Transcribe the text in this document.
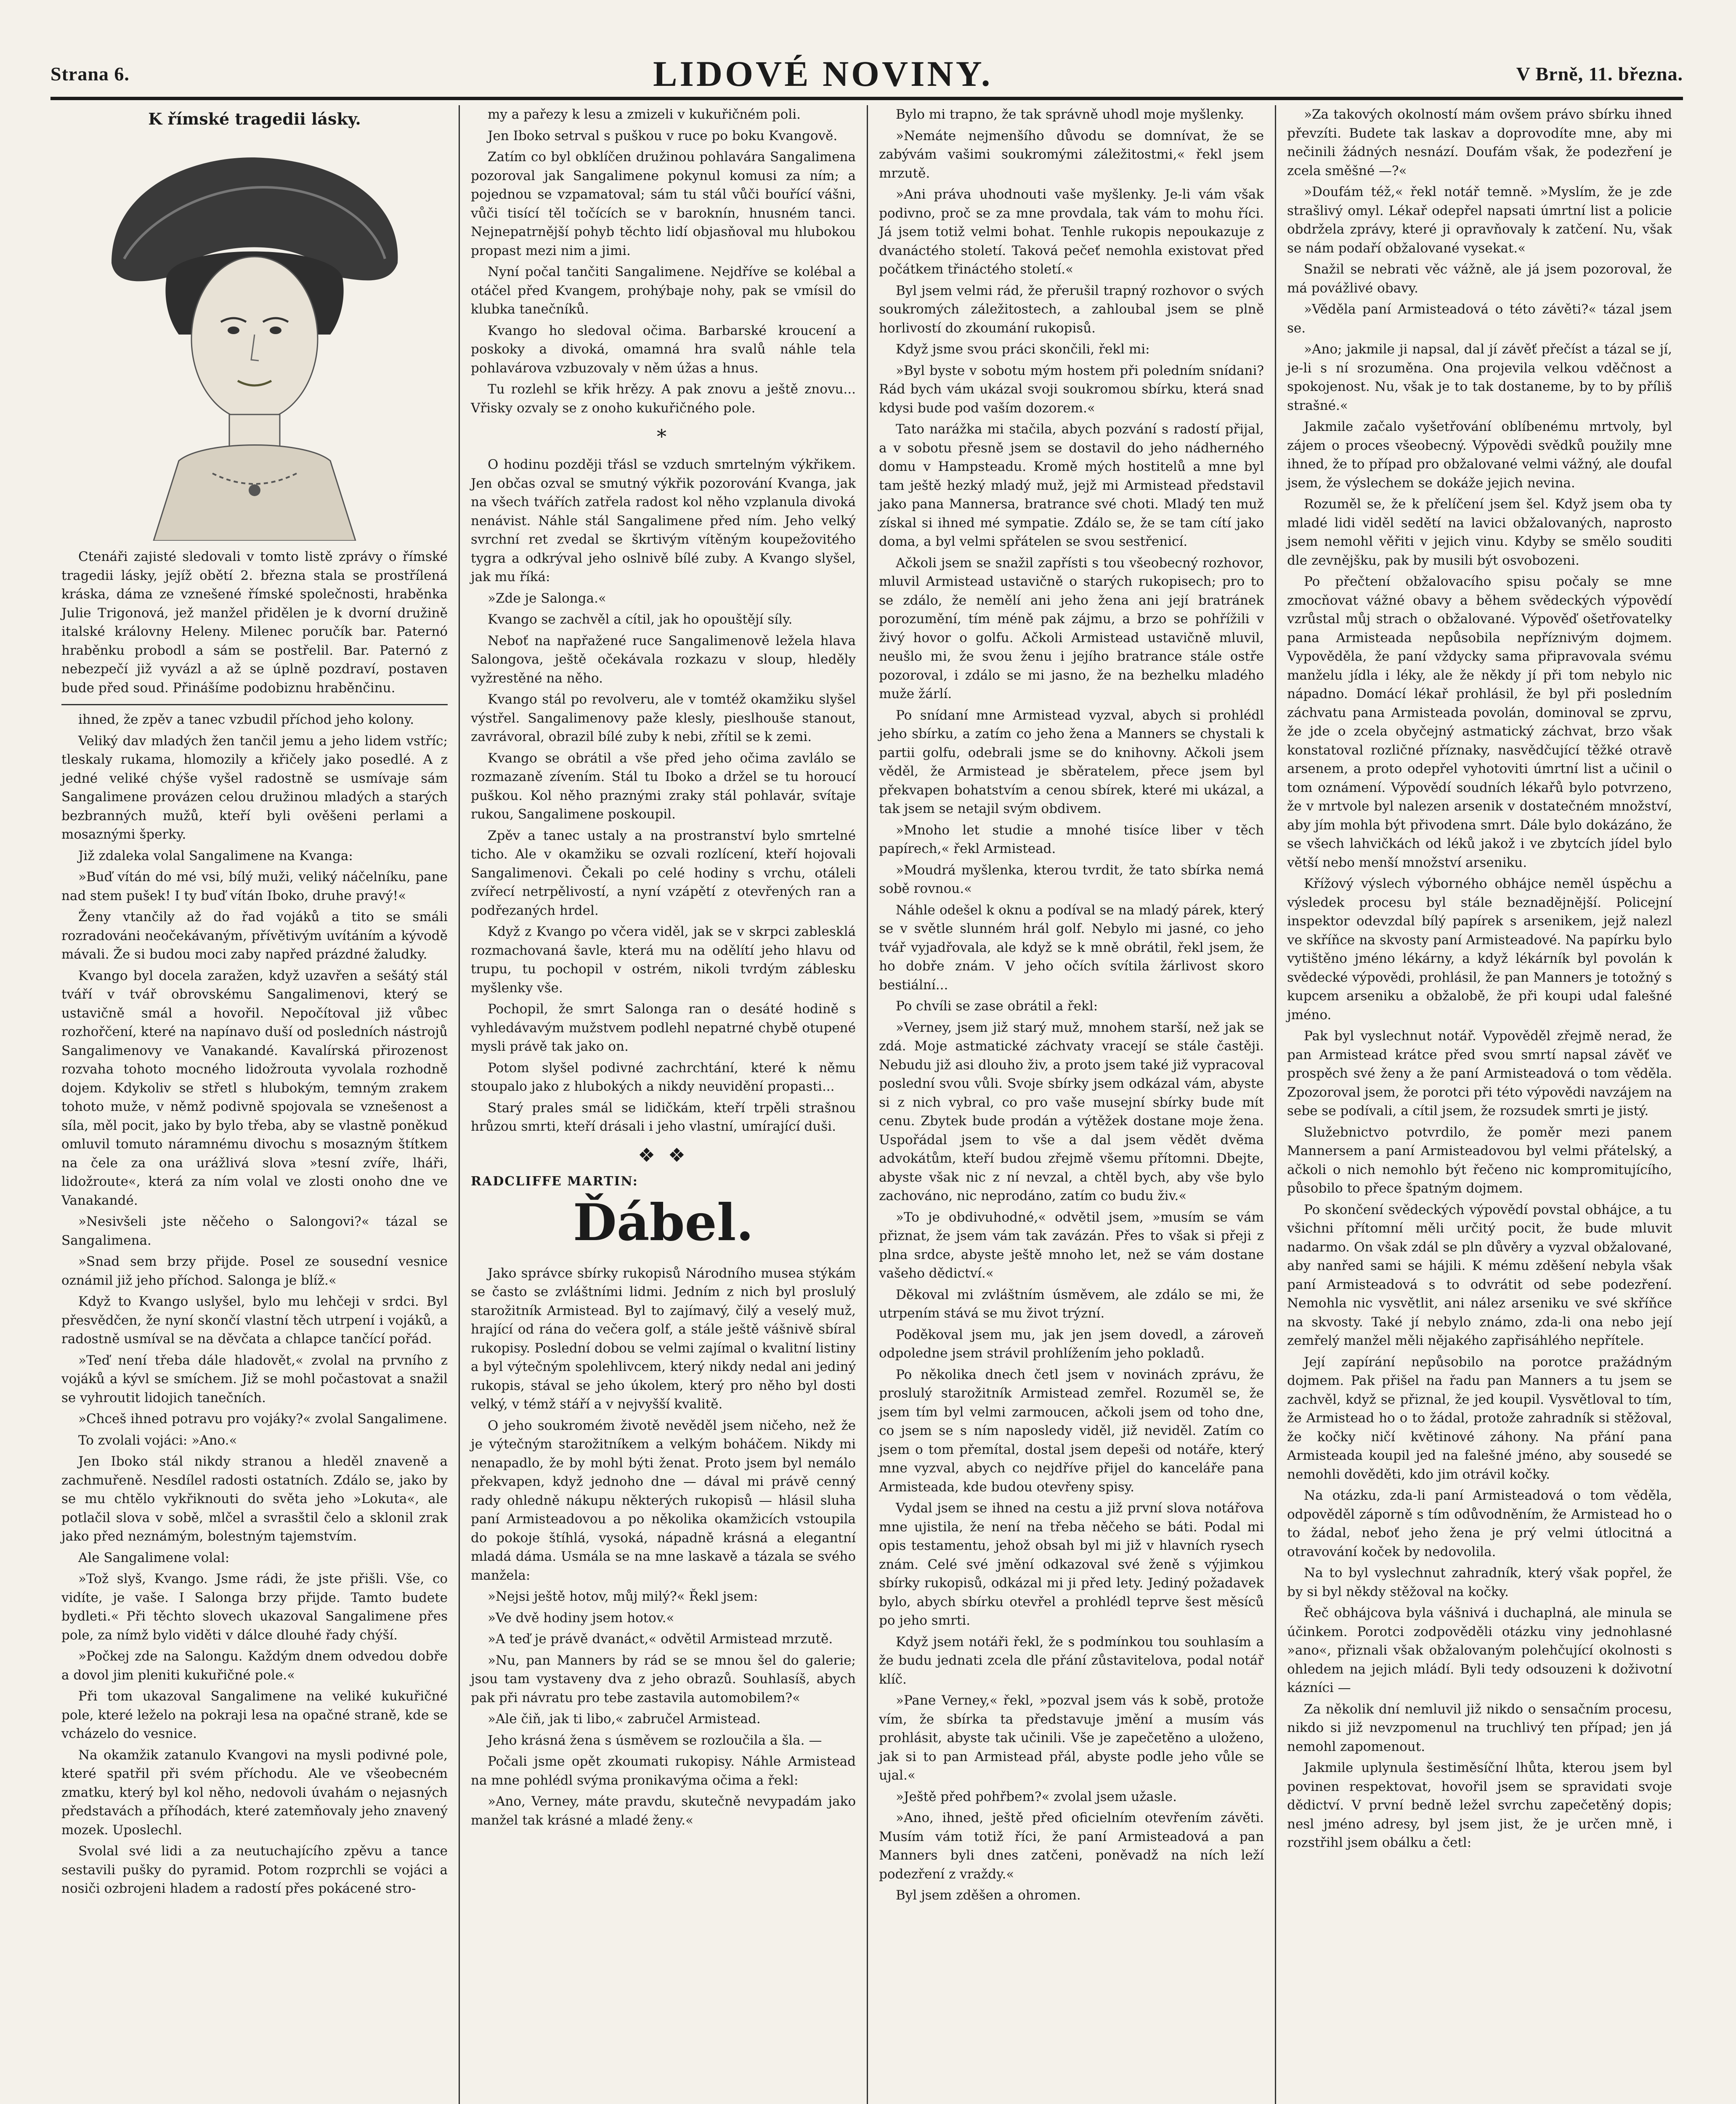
Strana 6.	LIDOVÉ NOVINY.	V Brně, 11. března.
K římské tragedii lásky.

Ctenáři zajisté sledovali v tomto listě zprávy o římské tragedii lásky, jejíž obětí 2. března stala se prostřílená kráska, dáma ze vznešené římské společnosti, hraběnka Julie Trigonová, jež manžel přidělen je k dvorní družině italské královny Heleny. Milenec poručík bar. Paternó hraběnku probodl a sám se postřelil. Bar. Paternó z nebezpečí již vyvázl a až se úplně pozdraví, postaven bude před soud. Přinášíme podobiznu hraběnčinu.

ihned, že zpěv a tanec vzbudil příchod jeho kolony.

Veliký dav mladých žen tančil jemu a jeho lidem vstříc; tleskaly rukama, hlomozily a křičely jako posedlé. A z jedné veliké chýše vyšel radostně se usmívaje sám Sangalimene provázen celou družinou mladých a starých bezbranných mužů, kteří byli ověšeni perlami a mosaznými šperky.

Již zdaleka volal Sangalimene na Kvanga:

»Buď vítán do mé vsi, bílý muži, veliký náčelníku, pane nad stem pušek! I ty buď vítán Iboko, druhe pravý!«

Ženy vtančily až do řad vojáků a tito se smáli rozradováni neočekávaným, přívětivým uvítáním a kývodě mávali. Že si budou moci zaby napřed prázdné žaludky.

Kvango byl docela zaražen, když uzavřen a sešátý stál tváří v tvář obrovskému Sangalimenovi, který se ustavičně smál a hovořil. Nepočítoval již vůbec rozhořčení, které na napínavo duší od posledních nástrojů Sangalimenovy ve Vanakandé. Kavalírská přirozenost rozvaha tohoto mocného lidožrouta vyvolala rozhodně dojem. Kdykoliv se střetl s hlubokým, temným zrakem tohoto muže, v němž podivně spojovala se vznešenost a síla, měl pocit, jako by bylo třeba, aby se vlastně poněkud omluvil tomuto náramnému divochu s mosazným štítkem na čele za ona urážlivá slova »tesní zvíře, lháři, lidožroute«, která za ním volal ve zlosti onoho dne ve Vanakandé.

»Nesivšeli jste něčeho o Salongovi?« tázal se Sangalimena.

»Snad sem brzy přijde. Posel ze sousední vesnice oznámil již jeho příchod. Salonga je blíž.«

Když to Kvango uslyšel, bylo mu lehčeji v srdci. Byl přesvědčen, že nyní skončí vlastní těch utrpení i vojáků, a radostně usmíval se na děvčata a chlapce tančící pořád.

»Teď není třeba dále hladovět,« zvolal na prvního z vojáků a kývl se smíchem. Již se mohl počastovat a snažil se vyhroutit lidojich tanečních.

»Chceš ihned potravu pro vojáky?« zvolal Sangalimene.

To zvolali vojáci: »Ano.«

Jen Iboko stál nikdy stranou a hleděl znaveně a zachmuřeně. Nesdílel radosti ostatních. Zdálo se, jako by se mu chtělo vykřiknouti do světa jeho »Lokuta«, ale potlačil slova v sobě, mlčel a svrasštil čelo a sklonil zrak jako před neznámým, bolestným tajemstvím.

Ale Sangalimene volal:

»Tož slyš, Kvango. Jsme rádi, že jste přišli. Vše, co vidíte, je vaše. I Salonga brzy přijde. Tamto budete bydleti.« Při těchto slovech ukazoval Sangalimene přes pole, za nímž bylo viděti v dálce dlouhé řady chýší.

»Počkej zde na Salongu. Každým dnem odvedou dobře a dovol jim pleniti kukuřičné pole.«

Při tom ukazoval Sangalimene na veliké kukuřičné pole, které leželo na pokraji lesa na opačné straně, kde se vcházelo do vesnice.

Na okamžik zatanulo Kvangovi na mysli podivné pole, které spatřil při svém příchodu. Ale ve všeobecném zmatku, který byl kol něho, nedovoli úvahám o nejasných představách a příhodách, které zatemňovaly jeho znavený mozek. Uposlechl.

Svolal své lidi a za neutuchajícího zpěvu a tance sestavili pušky do pyramid. Potom rozprchli se vojáci a nosiči ozbrojeni hladem a radostí přes pokácené stro-

my a pařezy k lesu a zmizeli v kukuřičném poli.

Jen Iboko setrval s puškou v ruce po boku Kvangově.

Zatím co byl obklíčen družinou pohlavára Sangalimena pozoroval jak Sangalimene pokynul komusi za ním; a pojednou se vzpamatoval; sám tu stál vůči bouřící vášni, vůči tisící těl točících se v baroknín, hnusném tanci. Nejnepatrnější pohyb těchto lidí objasňoval mu hlubokou propast mezi nim a jimi.

Nyní počal tančiti Sangalimene. Nejdříve se kolébal a otáčel před Kvangem, prohýbaje nohy, pak se vmísil do klubka tanečníků.

Kvango ho sledoval očima. Barbarské kroucení a poskoky a divoká, omamná hra svalů náhle tela pohlavárova vzbuzovaly v něm úžas a hnus.

Tu rozlehl se křik hrězy. A pak znovu a ještě znovu... Vřisky ozvaly se z onoho kukuřičného pole.

*

O hodinu později třásl se vzduch smrtelným výkřikem. Jen občas ozval se smutný výkřik pozorování Kvanga, jak na všech tvářích zatřela radost kol něho vzplanula divoká nenávist. Náhle stál Sangalimene před ním. Jeho velký svrchní ret zvedal se škrtivým vítěným koupežovitého tygra a odkrýval jeho oslnivě bílé zuby. A Kvango slyšel, jak mu říká:

»Zde je Salonga.«

Kvango se zachvěl a cítil, jak ho opouštějí síly.

Neboť na napřažené ruce Sangalimenově ležela hlava Salongova, ještě očekávala rozkazu v sloup, hleděly vyžrestěné na něho.

Kvango stál po revolveru, ale v tomtéž okamžiku slyšel výstřel. Sangalimenovy paže klesly, pieslhouše stanout, zavrávoral, obrazil bílé zuby k nebi, zřítil se k zemi.

Kvango se obrátil a vše před jeho očima zavlálo se rozmazaně zívením. Stál tu Iboko a držel se tu horoucí puškou. Kol něho praznými zraky stál pohlavár, svítaje rukou, Sangalimene poskoupil.

Zpěv a tanec ustaly a na prostranství bylo smrtelné ticho. Ale v okamžiku se ozvali rozlícení, kteří hojovali Sangalimenovi. Čekali po celé hodiny s vrchu, otáleli zvířecí netrpělivostí, a nyní vzápětí z otevřených ran a podřezaných hrdel.

Když z Kvango po včera viděl, jak se v skrpci zablesklá rozmachovaná šavle, která mu na odělítí jeho hlavu od trupu, tu pochopil v ostrém, nikoli tvrdým záblesku myšlenky vše.

Pochopil, že smrt Salonga ran o desáté hodině s vyhledávavým mužstvem podlehl nepatrné chybě otupené mysli právě tak jako on.

Potom slyšel podivné zachrchtání, které k němu stoupalo jako z hlubokých a nikdy neuvidění propasti...

Starý prales smál se lidičkám, kteří trpěli strašnou hrůzou smrti, kteří drásali i jeho vlastní, umírající duši.

❖ ❖
RADCLIFFE MARTIN:
Ďábel.

Jako správce sbírky rukopisů Národního musea stýkám se často se zvláštními lidmi. Jedním z nich byl proslulý starožitník Armistead. Byl to zajímavý, čilý a veselý muž, hrající od rána do večera golf, a stále ještě vášnivě sbíral rukopisy. Poslední dobou se velmi zajímal o kvalitní listiny a byl výtečným spolehlivcem, který nikdy nedal ani jediný rukopis, stával se jeho úkolem, který pro něho byl dosti velký, v témž stáří a v nejvyšší kvalitě.

O jeho soukromém životě nevěděl jsem ničeho, než že je výtečným starožitníkem a velkým boháčem. Nikdy mi nenapadlo, že by mohl býti ženat. Proto jsem byl nemálo překvapen, když jednoho dne — dával mi právě cenný rady ohledně nákupu některých rukopisů — hlásil sluha paní Armisteadovou a po několika okamžicích vstoupila do pokoje štíhlá, vysoká, nápadně krásná a elegantní mladá dáma. Usmála se na mne laskavě a tázala se svého manžela:

»Nejsi ještě hotov, můj milý?« Řekl jsem:

»Ve dvě hodiny jsem hotov.«

»A teď je právě dvanáct,« odvětil Armistead mrzutě.

»Nu, pan Manners by rád se se mnou šel do galerie; jsou tam vystaveny dva z jeho obrazů. Souhlasíš, abych pak při návratu pro tebe zastavila automobilem?«

»Ale čiň, jak ti libo,« zabručel Armistead.

Jeho krásná žena s úsměvem se rozloučila a šla. —

Počali jsme opět zkoumati rukopisy. Náhle Armistead na mne pohlédl svýma pronikavýma očima a řekl:

»Ano, Verney, máte pravdu, skutečně nevypadám jako manžel tak krásné a mladé ženy.«

Bylo mi trapno, že tak správně uhodl moje myšlenky.

»Nemáte nejmenšího důvodu se domnívat, že se zabývám vašimi soukromými záležitostmi,« řekl jsem mrzutě.

»Ani práva uhodnouti vaše myšlenky. Je-li vám však podivno, proč se za mne provdala, tak vám to mohu říci. Já jsem totiž velmi bohat. Tenhle rukopis nepoukazuje z dvanáctého století. Taková pečeť nemohla existovat před počátkem třináctého století.«

Byl jsem velmi rád, že přerušil trapný rozhovor o svých soukromých záležitostech, a zahloubal jsem se plně horlivostí do zkoumání rukopisů.

Když jsme svou práci skončili, řekl mi:

»Byl byste v sobotu mým hostem při poledním snídani? Rád bych vám ukázal svoji soukromou sbírku, která snad kdysi bude pod vaším dozorem.«

Tato narážka mi stačila, abych pozvání s radostí přijal, a v sobotu přesně jsem se dostavil do jeho nádherného domu v Hampsteadu. Kromě mých hostitelů a mne byl tam ještě hezký mladý muž, jejž mi Armistead představil jako pana Mannersa, bratrance své choti. Mladý ten muž získal si ihned mé sympatie. Zdálo se, že se tam cítí jako doma, a byl velmi spřátelen se svou sestřenicí.

Ačkoli jsem se snažil zapřísti s tou všeobecný rozhovor, mluvil Armistead ustavičně o starých rukopisech; pro to se zdálo, že nemělí ani jeho žena ani její bratránek porozumění, tím méně pak zájmu, a brzo se pohřížili v živý hovor o golfu. Ačkoli Armistead ustavičně mluvil, neušlo mi, že svou ženu i jejího bratrance stále ostře pozoroval, i zdálo se mi jasno, že na bezhelku mladého muže žárlí.

Po snídaní mne Armistead vyzval, abych si prohlédl jeho sbírku, a zatím co jeho žena a Manners se chystali k partii golfu, odebrali jsme se do knihovny. Ačkoli jsem věděl, že Armistead je sběratelem, přece jsem byl překvapen bohatstvím a cenou sbírek, které mi ukázal, a tak jsem se netajil svým obdivem.

»Mnoho let studie a mnohé tisíce liber v těch papírech,« řekl Armistead.

»Moudrá myšlenka, kterou tvrdit, že tato sbírka nemá sobě rovnou.«

Náhle odešel k oknu a podíval se na mladý párek, který se v světle slunném hrál golf. Nebylo mi jasné, co jeho tvář vyjadřovala, ale když se k mně obrátil, řekl jsem, že ho dobře znám. V jeho očích svítila žárlivost skoro bestiální...

Po chvíli se zase obrátil a řekl:

»Verney, jsem již starý muž, mnohem starší, než jak se zdá. Moje astmatické záchvaty vracejí se stále častěji. Nebudu již asi dlouho živ, a proto jsem také již vypracoval poslední svou vůli. Svoje sbírky jsem odkázal vám, abyste si z nich vybral, co pro vaše musejní sbírky bude mít cenu. Zbytek bude prodán a výtěžek dostane moje žena. Uspořádal jsem to vše a dal jsem vědět dvěma advokátům, kteří budou zřejmě všemu přítomni. Dbejte, abyste však nic z ní nevzal, a chtěl bych, aby vše bylo zachováno, nic neprodáno, zatím co budu živ.«

»To je obdivuhodné,« odvětil jsem, »musím se vám přiznat, že jsem vám tak zavázán. Přes to však si přeji z plna srdce, abyste ještě mnoho let, než se vám dostane vašeho dědictví.«

Děkoval mi zvláštním úsměvem, ale zdálo se mi, že utrpením stává se mu život trýzní.

Poděkoval jsem mu, jak jen jsem dovedl, a zároveň odpoledne jsem strávil prohlížením jeho pokladů.

Po několika dnech četl jsem v novinách zprávu, že proslulý starožitník Armistead zemřel. Rozuměl se, že jsem tím byl velmi zarmoucen, ačkoli jsem od toho dne, co jsem se s ním naposledy viděl, již neviděl. Zatím co jsem o tom přemítal, dostal jsem depeši od notáře, který mne vyzval, abych co nejdříve přijel do kanceláře pana Armisteada, kde budou otevřeny spisy.

Vydal jsem se ihned na cestu a již první slova notářova mne ujistila, že není na třeba něčeho se báti. Podal mi opis testamentu, jehož obsah byl mi již v hlavních rysech znám. Celé své jmění odkazoval své ženě s výjimkou sbírky rukopisů, odkázal mi ji před lety. Jediný požadavek bylo, abych sbírku otevřel a prohlédl teprve šest měsíců po jeho smrti.

Když jsem notáři řekl, že s podmínkou tou souhlasím a že budu jednati zcela dle přání zůstavitelova, podal notář klíč.

»Pane Verney,« řekl, »pozval jsem vás k sobě, protože vím, že sbírka ta představuje jmění a musím vás prohlásit, abyste tak učinili. Vše je zapečetěno a uloženo, jak si to pan Armistead přál, abyste podle jeho vůle se ujal.«

»Ještě před pohřbem?« zvolal jsem užasle.

»Ano, ihned, ještě před oficielním otevřením závěti. Musím vám totiž říci, že paní Armisteadová a pan Manners byli dnes zatčeni, poněvadž na ních leží podezření z vraždy.«

Byl jsem zděšen a ohromen.

»Za takových okolností mám ovšem právo sbírku ihned převzíti. Budete tak laskav a doprovodíte mne, aby mi nečinili žádných nesnází. Doufám však, že podezření je zcela směšné —?«

»Doufám též,« řekl notář temně. »Myslím, že je zde strašlivý omyl. Lékař odepřel napsati úmrtní list a policie obdržela zprávy, které ji opravňovaly k zatčení. Nu, však se nám podaří obžalované vysekat.«

Snažil se nebrati věc vážně, ale já jsem pozoroval, že má povážlivé obavy.

»Věděla paní Armisteadová o této závěti?« tázal jsem se.

»Ano; jakmile ji napsal, dal jí závěť přečíst a tázal se jí, je-li s ní srozuměna. Ona projevila velkou vděčnost a spokojenost. Nu, však je to tak dostaneme, by to by příliš strašné.«

Jakmile začalo vyšetřování oblíbenému mrtvoly, byl zájem o proces všeobecný. Výpovědi svědků použily mne ihned, že to případ pro obžalované velmi vážný, ale doufal jsem, že výslechem se dokáže jejich nevina.

Rozuměl se, že k přelíčení jsem šel. Když jsem oba ty mladé lidi viděl sedětí na lavici obžalovaných, naprosto jsem nemohl věřiti v jejich vinu. Kdyby se smělo souditi dle zevnějšku, pak by musili být osvobozeni.

Po přečtení obžalovacího spisu počaly se mne zmocňovat vážné obavy a během svědeckých výpovědí vzrůstal můj strach o obžalované. Výpověď ošetřovatelky pana Armisteada nepůsobila nepříznivým dojmem. Vypověděla, že paní vždycky sama připravovala svému manželu jídla i léky, ale že někdy jí při tom nebylo nic nápadno. Domácí lékař prohlásil, že byl při posledním záchvatu pana Armisteada povolán, dominoval se zprvu, že jde o zcela obyčejný astmatický záchvat, brzo však konstatoval rozličné příznaky, nasvědčující těžké otravě arsenem, a proto odepřel vyhotoviti úmrtní list a učinil o tom oznámení. Výpovědí soudních lékařů bylo potvrzeno, že v mrtvole byl nalezen arsenik v dostatečném množství, aby jím mohla být přivodena smrt. Dále bylo dokázáno, že se všech lahvičkách od léků jakož i ve zbytcích jídel bylo větší nebo menší množství arseniku.

Křížový výslech výborného obhájce neměl úspěchu a výsledek procesu byl stále beznadějnější. Policejní inspektor odevzdal bílý papírek s arsenikem, jejž nalezl ve skříňce na skvosty paní Armisteadové. Na papírku bylo vytištěno jméno lékárny, a když lékárník byl povolán k svědecké výpovědi, prohlásil, že pan Manners je totožný s kupcem arseniku a obžalobě, že při koupi udal falešné jméno.

Pak byl vyslechnut notář. Vypověděl zřejmě nerad, že pan Armistead krátce před svou smrtí napsal závěť ve prospěch své ženy a že paní Armisteadová o tom věděla. Zpozoroval jsem, že porotci při této výpovědi navzájem na sebe se podívali, a cítil jsem, že rozsudek smrti je jistý.

Služebnictvo potvrdilo, že poměr mezi panem Mannersem a paní Armisteadovou byl velmi přátelský, a ačkoli o nich nemohlo být řečeno nic kompromitujícího, působilo to přece špatným dojmem.

Po skončení svědeckých výpovědí povstal obhájce, a tu všichni přítomní měli určitý pocit, že bude mluvit nadarmo. On však zdál se pln důvěry a vyzval obžalované, aby nanřed sami se hájili. K mému zděšení nebyla však paní Armisteadová s to odvrátit od sebe podezření. Nemohla nic vysvětlit, ani nález arseniku ve své skříňce na skvosty. Také jí nebylo známo, zda-li ona nebo její zemřelý manžel měli nějakého zapřisáhlého nepřítele.

Její zapírání nepůsobilo na porotce pražádným dojmem. Pak přišel na řadu pan Manners a tu jsem se zachvěl, když se přiznal, že jed koupil. Vysvětloval to tím, že Armistead ho o to žádal, protože zahradník si stěžoval, že kočky ničí květinové záhony. Na přání pana Armisteada koupil jed na falešné jméno, aby sousedé se nemohli dověděti, kdo jim otrávil kočky.

Na otázku, zda-li paní Armisteadová o tom věděla, odpověděl záporně s tím odůvodněním, že Armistead ho o to žádal, neboť jeho žena je prý velmi útlocitná a otravování koček by nedovolila.

Na to byl vyslechnut zahradník, který však popřel, že by si byl někdy stěžoval na kočky.

Řeč obhájcova byla vášnivá i duchaplná, ale minula se účinkem. Porotci zodpověděli otázku viny jednohlasné »ano«, přiznali však obžalovaným polehčující okolnosti s ohledem na jejich mládí. Byli tedy odsouzeni k doživotní kázníci —

Za několik dní nemluvil již nikdo o sensačním procesu, nikdo si již nevzpomenul na truchlivý ten případ; jen já nemohl zapomenout.

Jakmile uplynula šestiměsíční lhůta, kterou jsem byl povinen respektovat, hovořil jsem se spravidati svoje dědictví. V první bedně ležel svrchu zapečetěný dopis; nesl jméno adresy, byl jsem jist, že je určen mně, i rozstřihl jsem obálku a četl:
